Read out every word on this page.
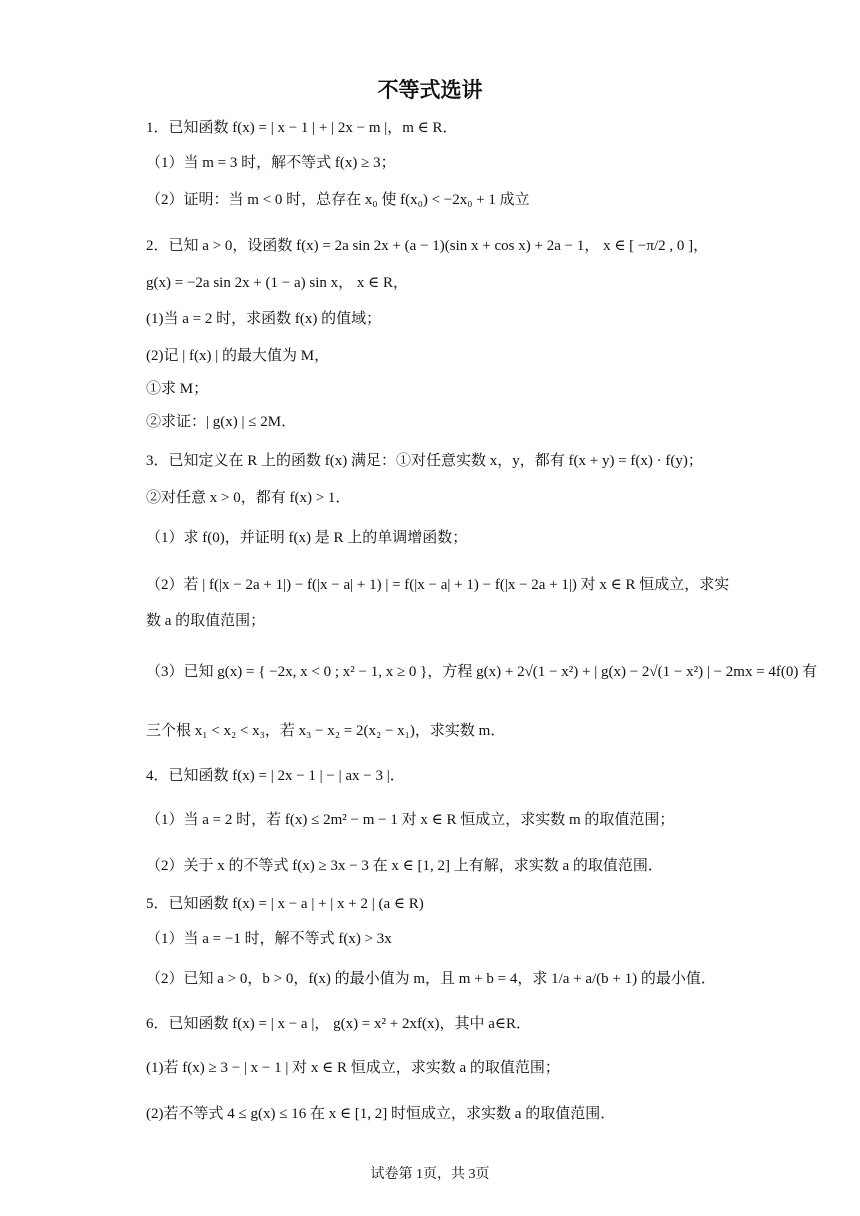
不等式选讲
1．已知函数 f(x) = | x − 1 | + | 2x − m |，m ∈ R．
（1）当 m = 3 时，解不等式 f(x) ≥ 3；
（2）证明：当 m < 0 时，总存在 x₀ 使 f(x₀) < −2x₀ + 1 成立
2．已知 a > 0，设函数 f(x) = 2a sin 2x + (a − 1)(sin x + cos x) + 2a − 1， x ∈ [ −π/2 , 0 ]，
g(x) = −2a sin 2x + (1 − a) sin x， x ∈ R，
(1)当 a = 2 时，求函数 f(x) 的值域；
(2)记 | f(x) | 的最大值为 M，
①求 M；
②求证：| g(x) | ≤ 2M．
3．已知定义在 R 上的函数 f(x) 满足：①对任意实数 x，y，都有 f(x + y) = f(x) · f(y)；
②对任意 x > 0，都有 f(x) > 1．
（1）求 f(0)，并证明 f(x) 是 R 上的单调增函数；
（2）若 | f(|x − 2a + 1|) − f(|x − a| + 1) | = f(|x − a| + 1) − f(|x − 2a + 1|) 对 x ∈ R 恒成立，求实
数 a 的取值范围；
（3）已知 g(x) = { −2x, x < 0 ; x² − 1, x ≥ 0 }，方程 g(x) + 2√(1 − x²) + | g(x) − 2√(1 − x²) | − 2mx = 4f(0) 有
三个根 x₁ < x₂ < x₃，若 x₃ − x₂ = 2(x₂ − x₁)，求实数 m．
4．已知函数 f(x) = | 2x − 1 | − | ax − 3 |．
（1）当 a = 2 时，若 f(x) ≤ 2m² − m − 1 对 x ∈ R 恒成立，求实数 m 的取值范围；
（2）关于 x 的不等式 f(x) ≥ 3x − 3 在 x ∈ [1, 2] 上有解，求实数 a 的取值范围．
5．已知函数 f(x) = | x − a | + | x + 2 | (a ∈ R)
（1）当 a = −1 时，解不等式 f(x) > 3x
（2）已知 a > 0，b > 0，f(x) 的最小值为 m，且 m + b = 4，求 1/a + a/(b + 1) 的最小值．
6．已知函数 f(x) = | x − a |， g(x) = x² + 2xf(x)，其中 a∈R．
(1)若 f(x) ≥ 3 − | x − 1 | 对 x ∈ R 恒成立，求实数 a 的取值范围；
(2)若不等式 4 ≤ g(x) ≤ 16 在 x ∈ [1, 2] 时恒成立，求实数 a 的取值范围．
试卷第 1页，共 3页
